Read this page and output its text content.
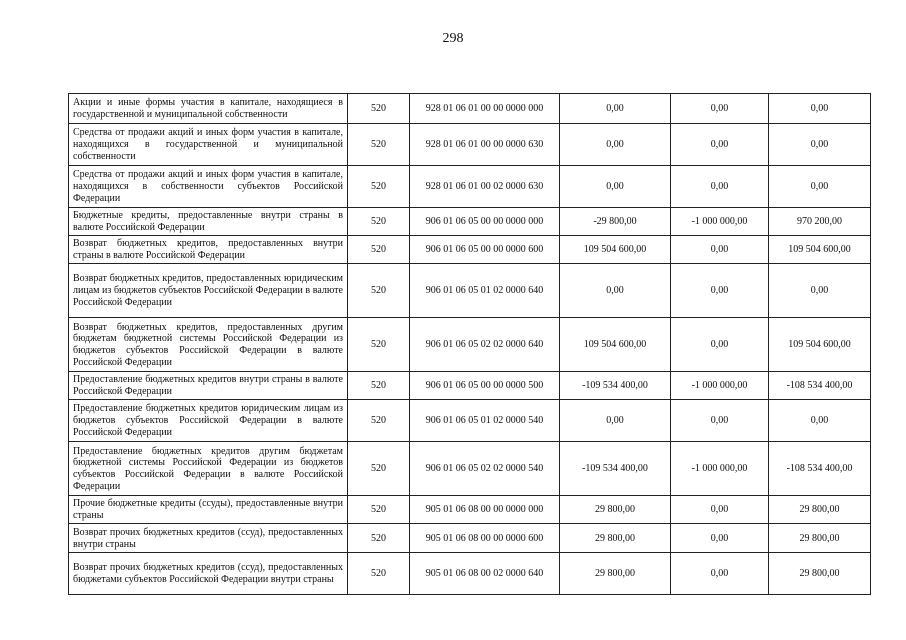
298
Акции и иные формы участия в капитале, находящиеся в государственной и муниципальной собственности	520	928 01 06 01 00 00 0000 000	0,00	0,00	0,00
Средства от продажи акций и иных форм участия в капитале, находящихся в государственной и муниципальной собственности	520	928 01 06 01 00 00 0000 630	0,00	0,00	0,00
Средства от продажи акций и иных форм участия в капитале, находящихся в собственности субъектов Российской Федерации	520	928 01 06 01 00 02 0000 630	0,00	0,00	0,00
Бюджетные кредиты, предоставленные внутри страны в валюте Российской Федерации	520	906 01 06 05 00 00 0000 000	-29 800,00	-1 000 000,00	970 200,00
Возврат бюджетных кредитов, предоставленных внутри страны в валюте Российской Федерации	520	906 01 06 05 00 00 0000 600	109 504 600,00	0,00	109 504 600,00
Возврат бюджетных кредитов, предоставленных юридическим лицам из бюджетов субъектов Российской Федерации в валюте Российской Федерации	520	906 01 06 05 01 02 0000 640	0,00	0,00	0,00
Возврат бюджетных кредитов, предоставленных другим бюджетам бюджетной системы Российской Федерации из бюджетов субъектов Российской Федерации в валюте Российской Федерации	520	906 01 06 05 02 02 0000 640	109 504 600,00	0,00	109 504 600,00
Предоставление бюджетных кредитов внутри страны в валюте Российской Федерации	520	906 01 06 05 00 00 0000 500	-109 534 400,00	-1 000 000,00	-108 534 400,00
Предоставление бюджетных кредитов юридическим лицам из бюджетов субъектов Российской Федерации в валюте Российской Федерации	520	906 01 06 05 01 02 0000 540	0,00	0,00	0,00
Предоставление бюджетных кредитов другим бюджетам бюджетной системы Российской Федерации из бюджетов субъектов Российской Федерации в валюте Российской Федерации	520	906 01 06 05 02 02 0000 540	-109 534 400,00	-1 000 000,00	-108 534 400,00
Прочие бюджетные кредиты (ссуды), предоставленные внутри страны	520	905 01 06 08 00 00 0000 000	29 800,00	0,00	29 800,00
Возврат прочих бюджетных кредитов (ссуд), предоставленных внутри страны	520	905 01 06 08 00 00 0000 600	29 800,00	0,00	29 800,00
Возврат прочих бюджетных кредитов (ссуд), предоставленных бюджетами субъектов Российской Федерации внутри страны	520	905 01 06 08 00 02 0000 640	29 800,00	0,00	29 800,00
